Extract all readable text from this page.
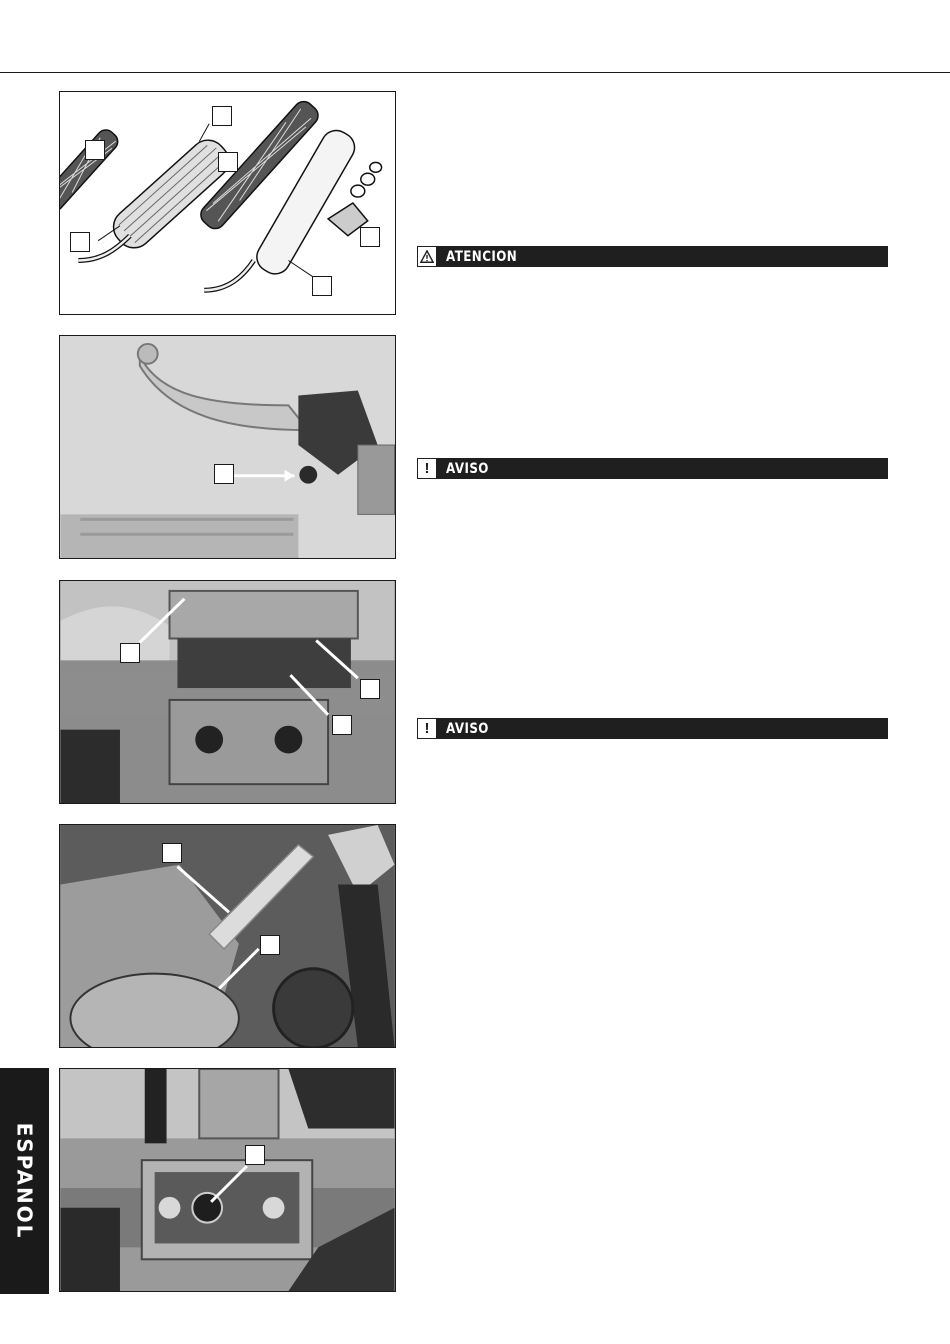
ATENCION
!	AVISO
!	AVISO
ESPANOL
